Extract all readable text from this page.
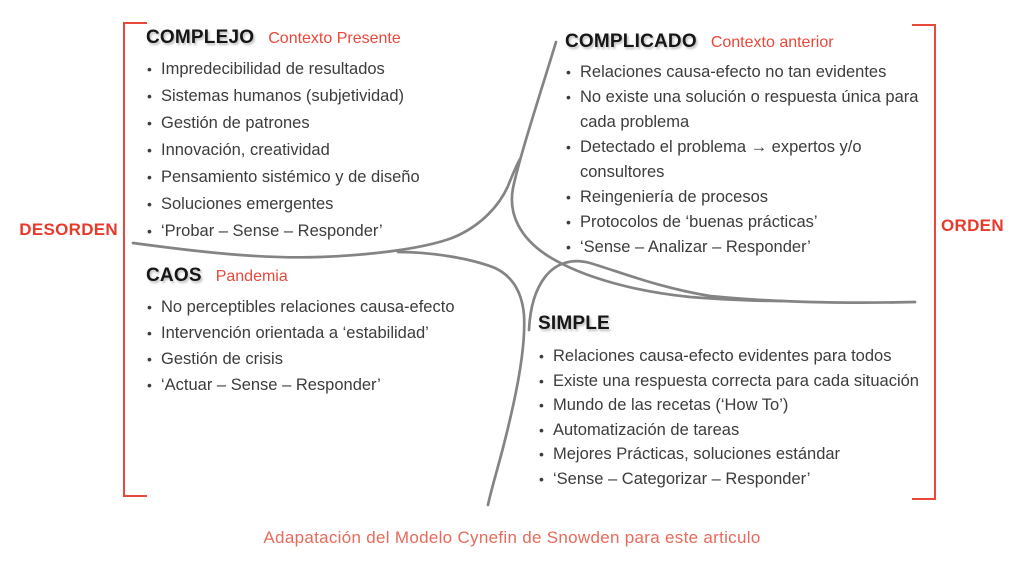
DESORDEN	ORDEN
COMPLEJO Contexto Presente
• Impredecibilidad de resultados
• Sistemas humanos (subjetividad)
• Gestión de patrones
• Innovación, creatividad
• Pensamiento sistémico y de diseño
• Soluciones emergentes
• ‘Probar – Sense – Responder’
COMPLICADO Contexto anterior
• Relaciones causa-efecto no tan evidentes
• No existe una solución o respuesta única para cada problema
• Detectado el problema → expertos y/o consultores
• Reingeniería de procesos
• Protocolos de ‘buenas prácticas’
• ‘Sense – Analizar – Responder’
CAOS Pandemia
• No perceptibles relaciones causa-efecto
• Intervención orientada a ‘estabilidad’
• Gestión de crisis
• ‘Actuar – Sense – Responder’
SIMPLE
• Relaciones causa-efecto evidentes para todos
• Existe una respuesta correcta para cada situación
• Mundo de las recetas (‘How To’)
• Automatización de tareas
• Mejores Prácticas, soluciones estándar
• ‘Sense – Categorizar – Responder’
Adapatación del Modelo Cynefin de Snowden para este articulo
